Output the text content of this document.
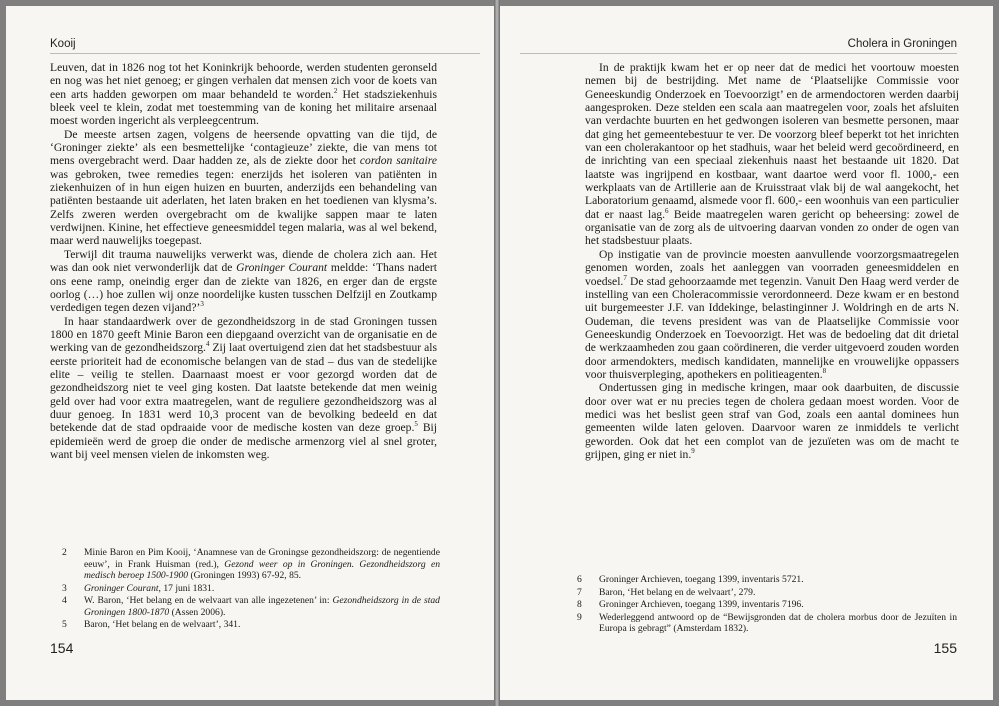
Kooij

Leuven, dat in 1826 nog tot het Koninkrijk behoorde, werden studenten geronseld en nog was het niet genoeg; er gingen verhalen dat mensen zich voor de koets van een arts hadden geworpen om maar behandeld te worden.$^2$ Het stadsziekenhuis bleek veel te klein, zodat met toestemming van de koning het militaire arsenaal moest worden ingericht als verpleegcentrum.

De meeste artsen zagen, volgens de heersende opvatting van die tijd, de ‘Groninger ziekte’ als een besmettelijke ‘contagieuze’ ziekte, die van mens tot mens overgebracht werd. Daar hadden ze, als de ziekte door het cordon sanitaire was gebroken, twee remedies tegen: enerzijds het isoleren van patiënten in ziekenhuizen of in hun eigen huizen en buurten, anderzijds een behandeling van patiënten bestaande uit aderlaten, het laten braken en het toedienen van klysma’s. Zelfs zweren werden overgebracht om de kwalijke sappen maar te laten verdwijnen. Kinine, het effectieve geneesmiddel tegen malaria, was al wel bekend, maar werd nauwelijks toegepast.

Terwijl dit trauma nauwelijks verwerkt was, diende de cholera zich aan. Het was dan ook niet verwonderlijk dat de Groninger Courant meldde: ‘Thans nadert ons eene ramp, oneindig erger dan de ziekte van 1826, en erger dan de ergste oorlog (…) hoe zullen wij onze noordelijke kusten tusschen Delfzijl en Zoutkamp verdedigen tegen dezen vijand?’$^3$

In haar standaardwerk over de gezondheidszorg in de stad Groningen tussen 1800 en 1870 geeft Minie Baron een diepgaand overzicht van de organisatie en de werking van de gezondheidszorg.$^4$ Zij laat overtuigend zien dat het stadsbestuur als eerste prioriteit had de economische belangen van de stad – dus van de stedelijke elite – veilig te stellen. Daarnaast moest er voor gezorgd worden dat de gezondheidszorg niet te veel ging kosten. Dat laatste betekende dat men weinig geld over had voor extra maatregelen, want de reguliere gezondheidszorg was al duur genoeg. In 1831 werd 10,3 procent van de bevolking bedeeld en dat betekende dat de stad opdraaide voor de medische kosten van deze groep.$^5$ Bij epidemieën werd de groep die onder de medische armenzorg viel al snel groter, want bij veel mensen vielen de inkomsten weg.

2	Minie Baron en Pim Kooij, ‘Anamnese van de Groningse gezondheidszorg: de negentiende eeuw’, in Frank Huisman (red.), Gezond weer op in Groningen. Gezondheidszorg en medisch beroep 1500-1900 (Groningen 1993) 67-92, 85.
3	Groninger Courant, 17 juni 1831.
4	W. Baron, ‘Het belang en de welvaart van alle ingezetenen’ in: Gezondheidszorg in de stad Groningen 1800-1870 (Assen 2006).
5	Baron, ‘Het belang en de welvaart’, 341.
154
Cholera in Groningen

In de praktijk kwam het er op neer dat de medici het voortouw moesten nemen bij de bestrijding. Met name de ‘Plaatselijke Commissie voor Geneeskundig Onderzoek en Toevoorzigt’ en de armendoctoren werden daarbij aangesproken. Deze stelden een scala aan maatregelen voor, zoals het afsluiten van verdachte buurten en het gedwongen isoleren van besmette personen, maar dat ging het gemeentebestuur te ver. De voorzorg bleef beperkt tot het inrichten van een cholerakantoor op het stadhuis, waar het beleid werd gecoördineerd, en de inrichting van een speciaal ziekenhuis naast het bestaande uit 1820. Dat laatste was ingrijpend en kostbaar, want daartoe werd voor fl. 1000,- een werkplaats van de Artillerie aan de Kruisstraat vlak bij de wal aangekocht, het Laboratorium genaamd, alsmede voor fl. 600,- een woonhuis van een particulier dat er naast lag.$^6$ Beide maatregelen waren gericht op beheersing: zowel de organisatie van de zorg als de uitvoering daarvan vonden zo onder de ogen van het stadsbestuur plaats.

Op instigatie van de provincie moesten aanvullende voorzorgsmaatregelen genomen worden, zoals het aanleggen van voorraden geneesmiddelen en voedsel.$^7$ De stad gehoorzaamde met tegenzin. Vanuit Den Haag werd verder de instelling van een Choleracommissie verordonneerd. Deze kwam er en bestond uit burgemeester J.F. van Iddekinge, belastinginner J. Woldringh en de arts N. Oudeman, die tevens president was van de Plaatselijke Commissie voor Geneeskundig Onderzoek en Toevoorzigt. Het was de bedoeling dat dit drietal de werkzaamheden zou gaan coördineren, die verder uitgevoerd zouden worden door armendokters, medisch kandidaten, mannelijke en vrouwelijke oppassers voor thuisverpleging, apothekers en politieagenten.$^8$

Ondertussen ging in medische kringen, maar ook daarbuiten, de discussie door over wat er nu precies tegen de cholera gedaan moest worden. Voor de medici was het beslist geen straf van God, zoals een aantal dominees hun gemeenten wilde laten geloven. Daarvoor waren ze inmiddels te verlicht geworden. Ook dat het een complot van de jezuïeten was om de macht te grijpen, ging er niet in.$^9$

6	Groninger Archieven, toegang 1399, inventaris 5721.
7	Baron, ‘Het belang en de welvaart’, 279.
8	Groninger Archieven, toegang 1399, inventaris 7196.
9	Wederleggend antwoord op de “Bewijsgronden dat de cholera morbus door de Jezuïten in Europa is gebragt” (Amsterdam 1832).
155
